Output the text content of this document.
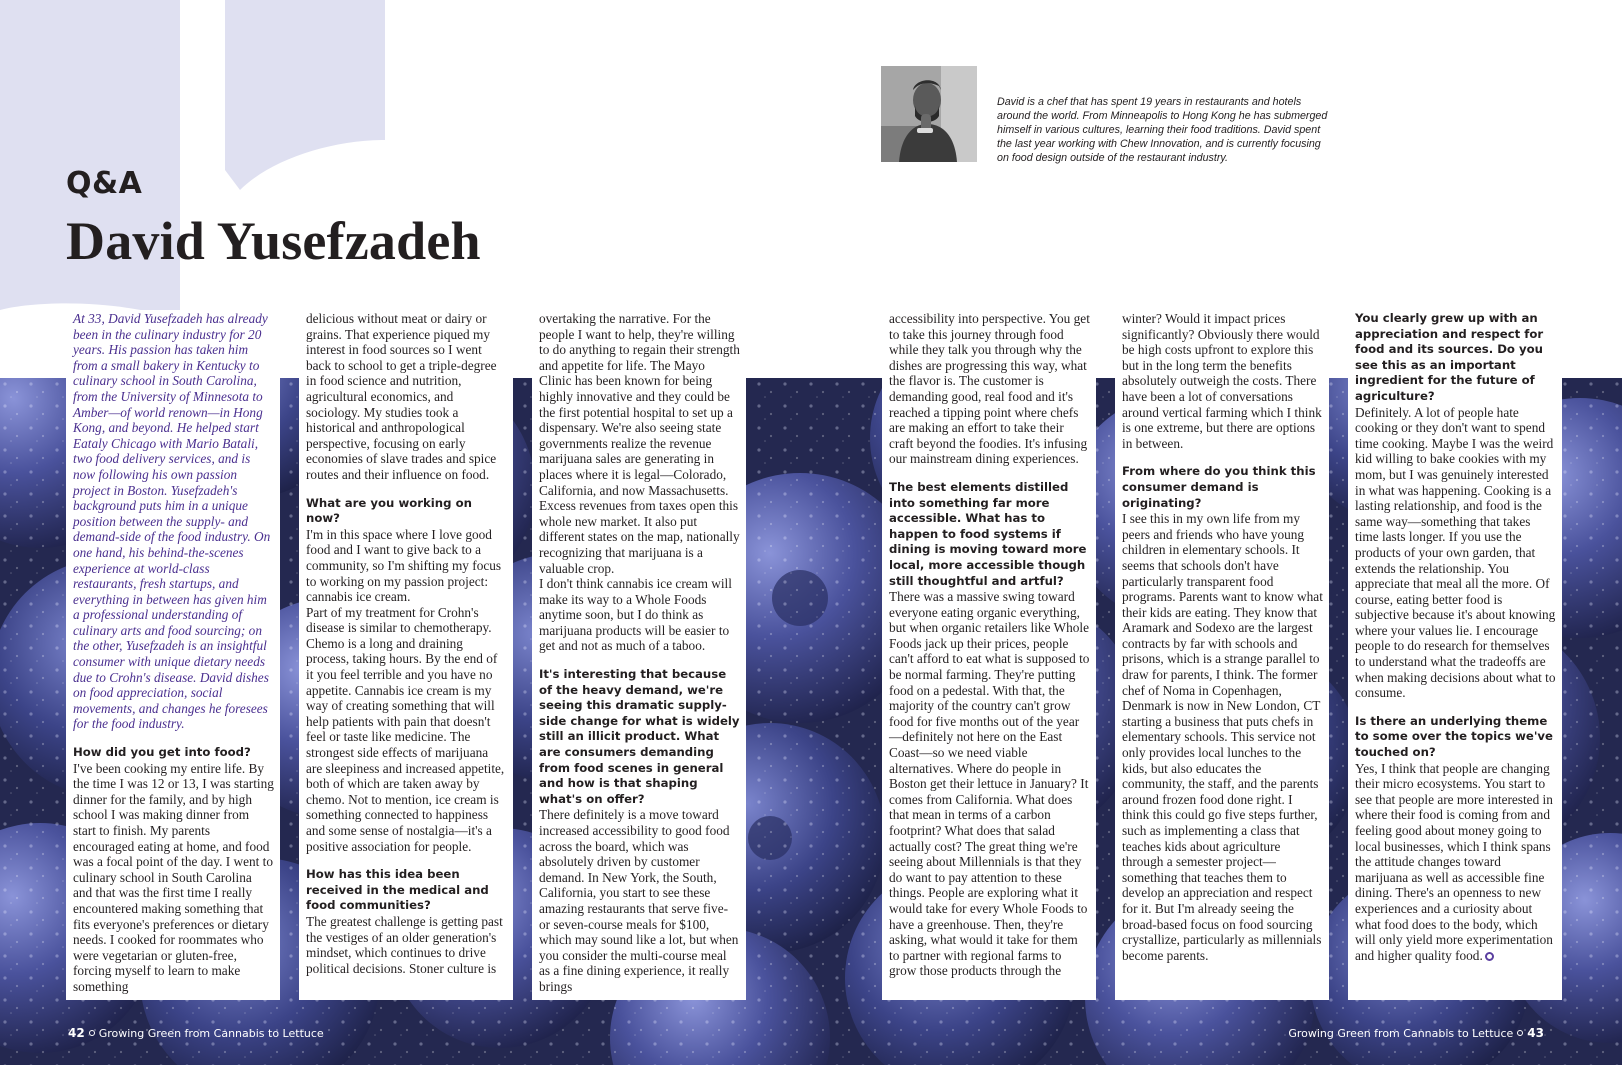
Q&A
David Yusefzadeh

David is a chef that has spent 19 years in restaurants and hotels around the world. From Minneapolis to Hong Kong he has submerged himself in various cultures, learning their food traditions. David spent the last year working with Chew Innovation, and is currently focusing on food design outside of the restaurant industry.

At 33, David Yusefzadeh has already been in the culinary industry for 20 years. His passion has taken him from a small bakery in Kentucky to culinary school in South Carolina, from the University of Minnesota to Amber—of world renown—in Hong Kong, and beyond. He helped start Eataly Chicago with Mario Batali, two food delivery services, and is now following his own passion project in Boston. Yusefzadeh's background puts him in a unique position between the supply- and demand-side of the food industry. On one hand, his behind-the-scenes experience at world-class restaurants, fresh startups, and everything in between has given him a professional understanding of culinary arts and food sourcing; on the other, Yusefzadeh is an insightful consumer with unique dietary needs due to Crohn's disease. David dishes on food appreciation, social movements, and changes he foresees for the food industry.

How did you get into food?

I've been cooking my entire life. By the time I was 12 or 13, I was starting dinner for the family, and by high school I was making dinner from start to finish. My parents encouraged eating at home, and food was a focal point of the day. I went to culinary school in South Carolina and that was the first time I really encountered making something that fits everyone's preferences or dietary needs. I cooked for roommates who were vegetarian or gluten-free, forcing myself to learn to make something

delicious without meat or dairy or grains. That experience piqued my interest in food sources so I went back to school to get a triple-degree in food science and nutrition, agricultural economics, and sociology. My studies took a historical and anthropological perspective, focusing on early economies of slave trades and spice routes and their influence on food.

What are you working on now?

I'm in this space where I love good food and I want to give back to a community, so I'm shifting my focus to working on my passion project: cannabis ice cream.

Part of my treatment for Crohn's disease is similar to chemotherapy. Chemo is a long and draining process, taking hours. By the end of it you feel terrible and you have no appetite. Cannabis ice cream is my way of creating something that will help patients with pain that doesn't feel or taste like medicine. The strongest side effects of marijuana are sleepiness and increased appetite, both of which are taken away by chemo. Not to mention, ice cream is something connected to happiness and some sense of nostalgia—it's a positive association for people.

How has this idea been received in the medical and food communities?

The greatest challenge is getting past the vestiges of an older generation's mindset, which continues to drive political decisions. Stoner culture is

overtaking the narrative. For the people I want to help, they're willing to do anything to regain their strength and appetite for life. The Mayo Clinic has been known for being highly innovative and they could be the first potential hospital to set up a dispensary. We're also seeing state governments realize the revenue marijuana sales are generating in places where it is legal—Colorado, California, and now Massachusetts. Excess revenues from taxes open this whole new market. It also put different states on the map, nationally recognizing that marijuana is a valuable crop.

I don't think cannabis ice cream will make its way to a Whole Foods anytime soon, but I do think as marijuana products will be easier to get and not as much of a taboo.

It's interesting that because of the heavy demand, we're seeing this dramatic supply-side change for what is widely still an illicit product. What are consumers demanding from food scenes in general and how is that shaping what's on offer?

There definitely is a move toward increased accessibility to good food across the board, which was absolutely driven by customer demand. In New York, the South, California, you start to see these amazing restaurants that serve five- or seven-course meals for $100, which may sound like a lot, but when you consider the multi-course meal as a fine dining experience, it really brings

accessibility into perspective. You get to take this journey through food while they talk you through why the dishes are progressing this way, what the flavor is. The customer is demanding good, real food and it's reached a tipping point where chefs are making an effort to take their craft beyond the foodies. It's infusing our mainstream dining experiences.

The best elements distilled into something far more accessible. What has to happen to food systems if dining is moving toward more local, more accessible though still thoughtful and artful?

There was a massive swing toward everyone eating organic everything, but when organic retailers like Whole Foods jack up their prices, people can't afford to eat what is supposed to be normal farming. They're putting food on a pedestal. With that, the majority of the country can't grow food for five months out of the year—definitely not here on the East Coast—so we need viable alternatives. Where do people in Boston get their lettuce in January? It comes from California. What does that mean in terms of a carbon footprint? What does that salad actually cost? The great thing we're seeing about Millennials is that they do want to pay attention to these things. People are exploring what it would take for every Whole Foods to have a greenhouse. Then, they're asking, what would it take for them to partner with regional farms to grow those products through the

winter? Would it impact prices significantly? Obviously there would be high costs upfront to explore this but in the long term the benefits absolutely outweigh the costs. There have been a lot of conversations around vertical farming which I think is one extreme, but there are options in between.

From where do you think this consumer demand is originating?

I see this in my own life from my peers and friends who have young children in elementary schools. It seems that schools don't have particularly transparent food programs. Parents want to know what their kids are eating. They know that Aramark and Sodexo are the largest contracts by far with schools and prisons, which is a strange parallel to draw for parents, I think. The former chef of Noma in Copenhagen, Denmark is now in New London, CT starting a business that puts chefs in elementary schools. This service not only provides local lunches to the kids, but also educates the community, the staff, and the parents around frozen food done right. I think this could go five steps further, such as implementing a class that teaches kids about agriculture through a semester project— something that teaches them to develop an appreciation and respect for it. But I'm already seeing the broad-based focus on food sourcing crystallize, particularly as millennials become parents.

You clearly grew up with an appreciation and respect for food and its sources. Do you see this as an important ingredient for the future of agriculture?

Definitely. A lot of people hate cooking or they don't want to spend time cooking. Maybe I was the weird kid willing to bake cookies with my mom, but I was genuinely interested in what was happening. Cooking is a lasting relationship, and food is the same way—something that takes time lasts longer. If you use the products of your own garden, that extends the relationship. You appreciate that meal all the more. Of course, eating better food is subjective because it's about knowing where your values lie. I encourage people to do research for themselves to understand what the tradeoffs are when making decisions about what to consume.

Is there an underlying theme to some over the topics we've touched on?

Yes, I think that people are changing their micro ecosystems. You start to see that people are more interested in where their food is coming from and feeling good about money going to local businesses, which I think spans the attitude changes toward marijuana as well as accessible fine dining. There's an openness to new experiences and a curiosity about what food does to the body, which will only yield more experimentation and higher quality food.

42 Growing Green from Cannabis to Lettuce	Growing Green from Cannabis to Lettuce 43
